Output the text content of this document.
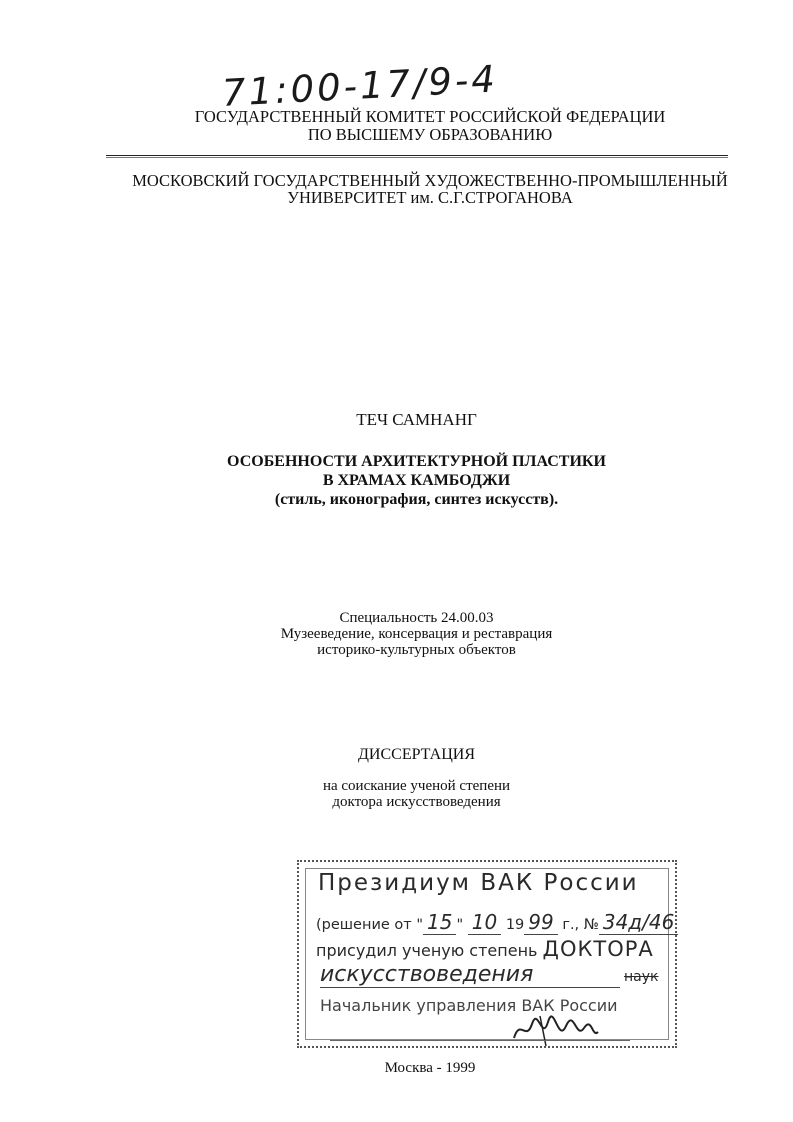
71:00-17/9-4
ГОСУДАРСТВЕННЫЙ КОМИТЕТ РОССИЙСКОЙ ФЕДЕРАЦИИ
ПО ВЫСШЕМУ ОБРАЗОВАНИЮ
МОСКОВСКИЙ ГОСУДАРСТВЕННЫЙ ХУДОЖЕСТВЕННО-ПРОМЫШЛЕННЫЙ
УНИВЕРСИТЕТ им. С.Г.СТРОГАНОВА
ТЕЧ САМНАНГ
ОСОБЕННОСТИ АРХИТЕКТУРНОЙ ПЛАСТИКИ
В ХРАМАХ КАМБОДЖИ
(стиль, иконография, синтез искусств).
Специальность 24.00.03
Музееведение, консервация и реставрация
историко-культурных объектов
ДИССЕРТАЦИЯ
на соискание ученой степени
доктора искусствоведения
Президиум ВАК России
(решение от " 15 " 10 19 99 г., № 34д/46
присудил ученую степень ДОКТОРА
искусствоведения	наук
Начальник управления ВАК России
Москва - 1999
